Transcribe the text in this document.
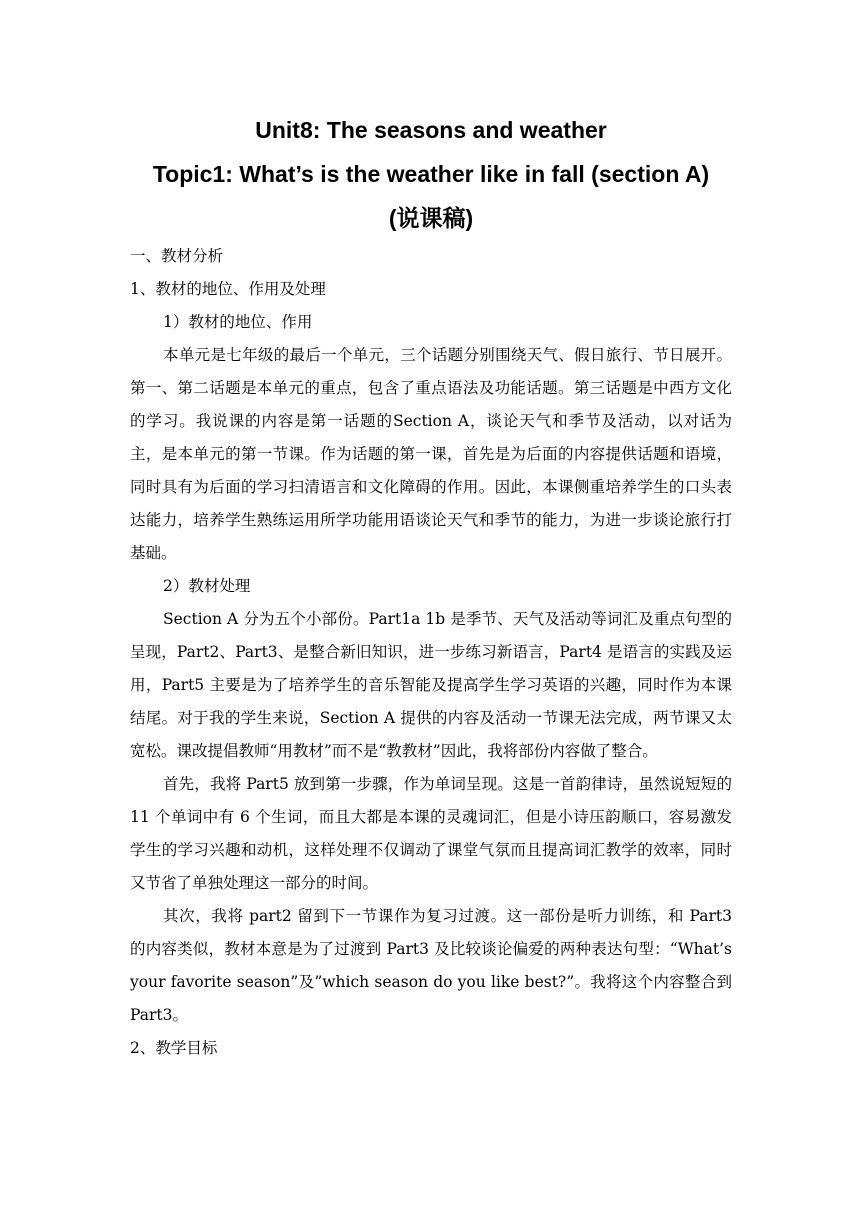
Unit8: The seasons and weather
Topic1: What’s is the weather like in fall (section A)
(说课稿)

一、教材分析

1、教材的地位、作用及处理

1）教材的地位、作用

本单元是七年级的最后一个单元，三个话题分别围绕天气、假日旅行、节日展开。第一、第二话题是本单元的重点，包含了重点语法及功能话题。第三话题是中西方文化的学习。我说课的内容是第一话题的Section A，谈论天气和季节及活动，以对话为主，是本单元的第一节课。作为话题的第一课，首先是为后面的内容提供话题和语境，同时具有为后面的学习扫清语言和文化障碍的作用。因此，本课侧重培养学生的口头表达能力，培养学生熟练运用所学功能用语谈论天气和季节的能力，为进一步谈论旅行打基础。

2）教材处理

Section A 分为五个小部份。Part1a 1b 是季节、天气及活动等词汇及重点句型的呈现，Part2、Part3、是整合新旧知识，进一步练习新语言，Part4 是语言的实践及运用，Part5 主要是为了培养学生的音乐智能及提高学生学习英语的兴趣，同时作为本课结尾。对于我的学生来说，Section A 提供的内容及活动一节课无法完成，两节课又太宽松。课改提倡教师“用教材”而不是“教教材”因此，我将部份内容做了整合。

首先，我将 Part5 放到第一步骤，作为单词呈现。这是一首韵律诗，虽然说短短的 11 个单词中有 6 个生词，而且大都是本课的灵魂词汇，但是小诗压韵顺口，容易激发学生的学习兴趣和动机，这样处理不仅调动了课堂气氛而且提高词汇教学的效率，同时又节省了单独处理这一部分的时间。

其次，我将 part2 留到下一节课作为复习过渡。这一部份是听力训练，和 Part3 的内容类似，教材本意是为了过渡到 Part3 及比较谈论偏爱的两种表达句型：“What’s your favorite season”及”which season do you like best?”。我将这个内容整合到 Part3。

2、教学目标
